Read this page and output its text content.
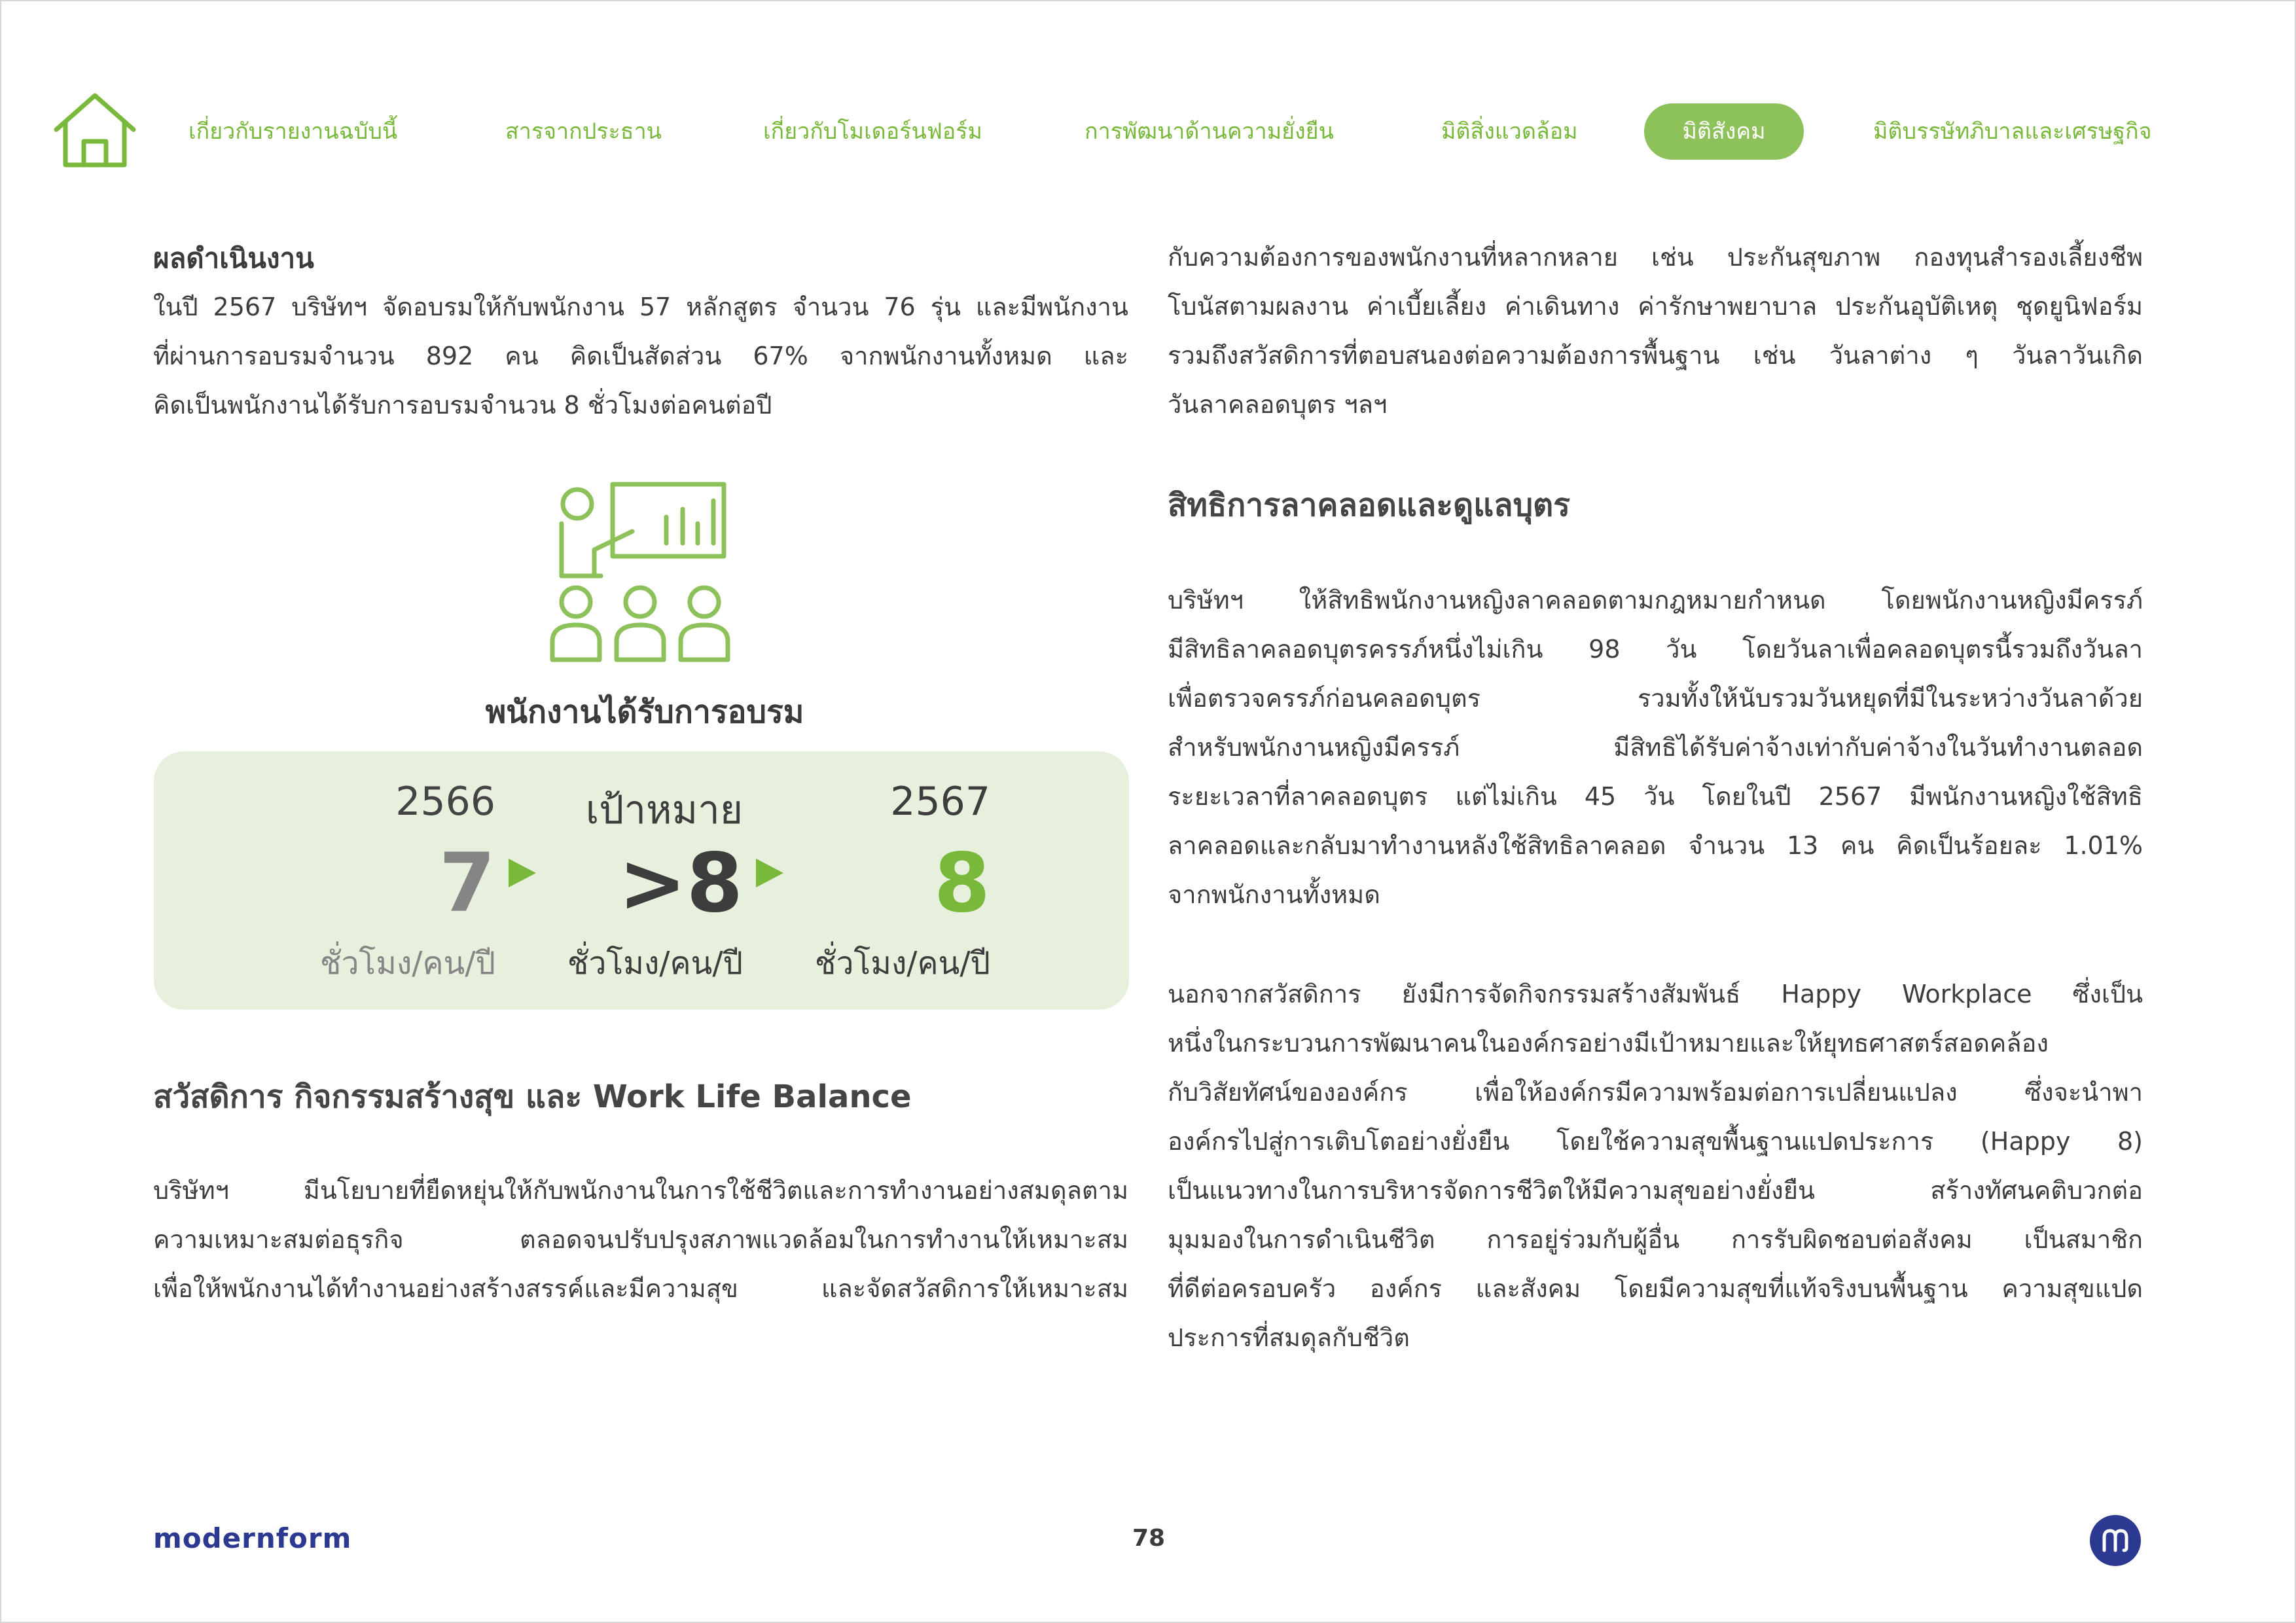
เกี่ยวกับรายงานฉบับนี้	สารจากประธาน	เกี่ยวกับโมเดอร์นฟอร์ม	การพัฒนาด้านความยั่งยืน	มิติสิ่งแวดล้อม	มิติสังคม	มิติบรรษัทภิบาลและเศรษฐกิจ
ผลดำเนินงาน
ในปี 2567 บริษัทฯ จัดอบรมให้กับพนักงาน 57 หลักสูตร จำนวน 76 รุ่น และมีพนักงาน
ที่ผ่านการอบรมจำนวน 892 คน คิดเป็นสัดส่วน 67% จากพนักงานทั้งหมด และ
คิดเป็นพนักงานได้รับการอบรมจำนวน 8 ชั่วโมงต่อคนต่อปี
พนักงานได้รับการอบรม
2566
7
ชั่วโมง/คน/ปี
เป้าหมาย
>8
ชั่วโมง/คน/ปี
2567
8
ชั่วโมง/คน/ปี
สวัสดิการ กิจกรรมสร้างสุข และ Work Life Balance
บริษัทฯ มีนโยบายที่ยืดหยุ่นให้กับพนักงานในการใช้ชีวิตและการทำงานอย่างสมดุลตาม
ความเหมาะสมต่อธุรกิจ ตลอดจนปรับปรุงสภาพแวดล้อมในการทำงานให้เหมาะสม
เพื่อให้พนักงานได้ทำงานอย่างสร้างสรรค์และมีความสุข และจัดสวัสดิการให้เหมาะสม
กับความต้องการของพนักงานที่หลากหลาย เช่น ประกันสุขภาพ กองทุนสำรองเลี้ยงชีพ
โบนัสตามผลงาน ค่าเบี้ยเลี้ยง ค่าเดินทาง ค่ารักษาพยาบาล ประกันอุบัติเหตุ ชุดยูนิฟอร์ม
รวมถึงสวัสดิการที่ตอบสนองต่อความต้องการพื้นฐาน เช่น วันลาต่าง ๆ วันลาวันเกิด
วันลาคลอดบุตร ฯลฯ
สิทธิการลาคลอดและดูแลบุตร
บริษัทฯ ให้สิทธิพนักงานหญิงลาคลอดตามกฎหมายกำหนด โดยพนักงานหญิงมีครรภ์
มีสิทธิลาคลอดบุตรครรภ์หนึ่งไม่เกิน 98 วัน โดยวันลาเพื่อคลอดบุตรนี้รวมถึงวันลา
เพื่อตรวจครรภ์ก่อนคลอดบุตร รวมทั้งให้นับรวมวันหยุดที่มีในระหว่างวันลาด้วย
สำหรับพนักงานหญิงมีครรภ์ มีสิทธิได้รับค่าจ้างเท่ากับค่าจ้างในวันทำงานตลอด
ระยะเวลาที่ลาคลอดบุตร แต่ไม่เกิน 45 วัน โดยในปี 2567 มีพนักงานหญิงใช้สิทธิ
ลาคลอดและกลับมาทำงานหลังใช้สิทธิลาคลอด จำนวน 13 คน คิดเป็นร้อยละ 1.01%
จากพนักงานทั้งหมด
นอกจากสวัสดิการ ยังมีการจัดกิจกรรมสร้างสัมพันธ์ Happy Workplace ซึ่งเป็น
หนึ่งในกระบวนการพัฒนาคนในองค์กรอย่างมีเป้าหมายและให้ยุทธศาสตร์สอดคล้อง
กับวิสัยทัศน์ขององค์กร เพื่อให้องค์กรมีความพร้อมต่อการเปลี่ยนแปลง ซึ่งจะนำพา
องค์กรไปสู่การเติบโตอย่างยั่งยืน โดยใช้ความสุขพื้นฐานแปดประการ (Happy 8)
เป็นแนวทางในการบริหารจัดการชีวิตให้มีความสุขอย่างยั่งยืน สร้างทัศนคติบวกต่อ
มุมมองในการดำเนินชีวิต การอยู่ร่วมกับผู้อื่น การรับผิดชอบต่อสังคม เป็นสมาชิก
ที่ดีต่อครอบครัว องค์กร และสังคม โดยมีความสุขที่แท้จริงบนพื้นฐาน ความสุขแปด
ประการที่สมดุลกับชีวิต
modernform	78
